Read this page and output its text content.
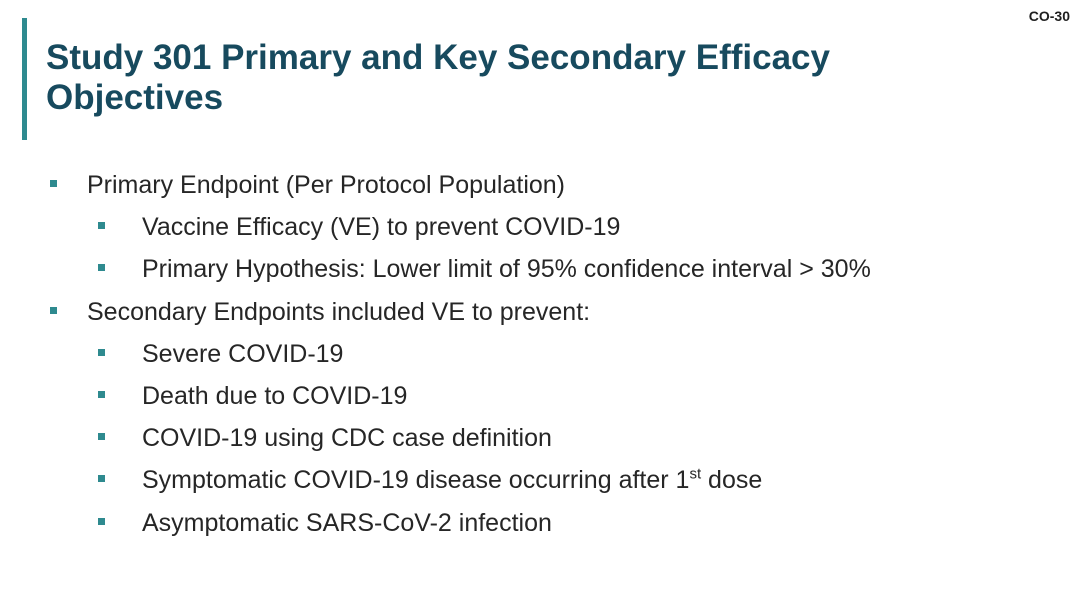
CO-30
Study 301 Primary and Key Secondary Efficacy Objectives
Primary Endpoint (Per Protocol Population)
Vaccine Efficacy (VE) to prevent COVID-19
Primary Hypothesis: Lower limit of 95% confidence interval > 30%
Secondary Endpoints included VE to prevent:
Severe COVID-19
Death due to COVID-19
COVID-19 using CDC case definition
Symptomatic COVID-19 disease occurring after 1st dose
Asymptomatic SARS-CoV-2 infection
